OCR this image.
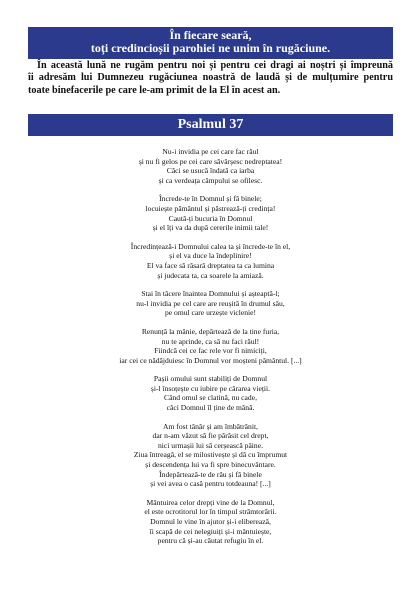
În fiecare seară,
toți credincioșii parohiei ne unim în rugăciune.
În această lună ne rugăm pentru noi și pentru cei dragi ai noștri și împreună
îi adresăm lui Dumnezeu rugăciunea noastră de laudă și de mulțumire pentru
toate binefacerile pe care le-am primit de la El în acest an.
Psalmul 37
Nu-i invidia pe cei care fac răul
și nu fi gelos pe cei care săvârșesc nedreptatea!
Căci se usucă îndată ca iarba
și ca verdeața câmpului se ofilesc.
Încrede-te în Domnul și fă binele;
locuiește pământul și păstrează-ți credința!
Caută-ți bucuria în Domnul
și el îți va da după cererile inimii tale!
Încredințează-i Domnului calea ta și încrede-te în el,
și el va duce la îndeplinire!
El va face să răsară dreptatea ta ca lumina
și judecata ta, ca soarele la amiază.
Stai în tăcere înaintea Domnului și așteaptă-l;
nu-l invidia pe cel care are reușită în drumul său,
pe omul care urzește viclenie!
Renunță la mânie, depărtează de la tine furia,
nu te aprinde, ca să nu faci răul!
Fiindcă cei ce fac rele vor fi nimiciți,
iar cei ce nădăjduiesc în Domnul vor moșteni pământul. [...]
Pașii omului sunt stabiliți de Domnul
și-l însoțește cu iubire pe cărarea vieții.
Când omul se clatină, nu cade,
căci Domnul îl ține de mână.
Am fost tânăr și am îmbătrânit,
dar n-am văzut să fie părăsit cel drept,
nici urmașii lui să cerșească pâine.
Ziua întreagă, el se milostivește și dă cu împrumut
și descendența lui va fi spre binecuvântare.
Îndepărtează-te de rău și fă binele
și vei avea o casă pentru totdeauna! [...]
Mântuirea celor drepți vine de la Domnul,
el este ocrotitorul lor în timpul strâmtorării.
Domnul le vine în ajutor și-i eliberează,
îi scapă de cei nelegiuiți și-i mântuiește,
pentru că și-au căutat refugiu în el.
